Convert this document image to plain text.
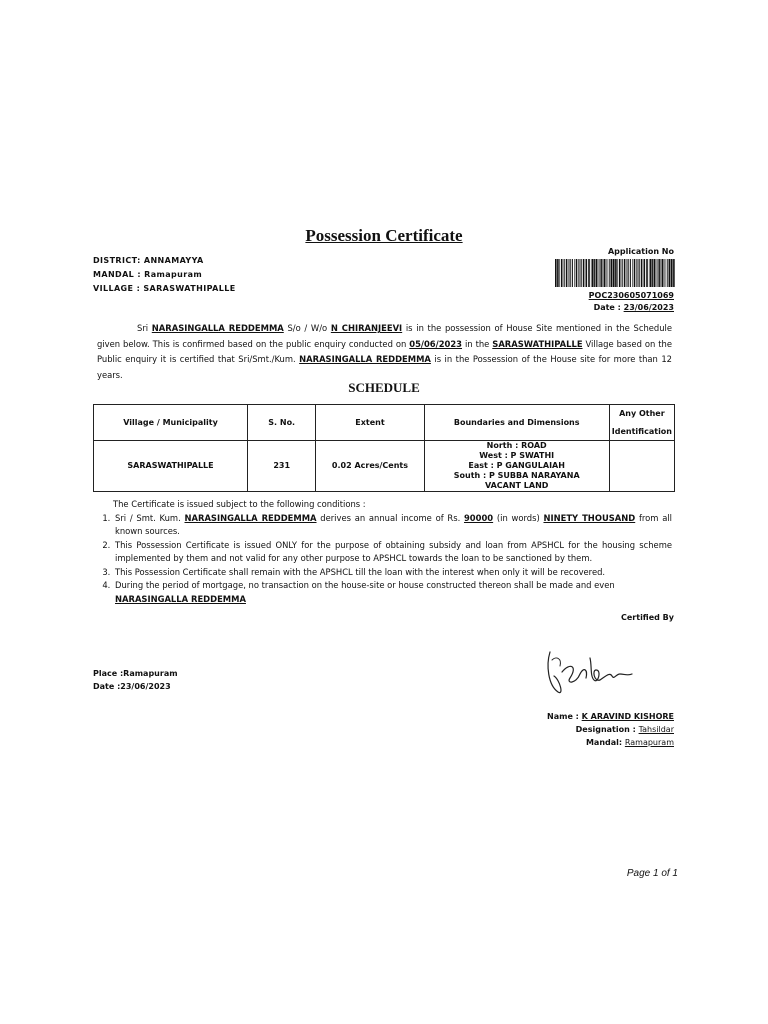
Possession Certificate
DISTRICT: ANNAMAYYA
MANDAL : Ramapuram
VILLAGE : SARASWATHIPALLE
Application No
POC230605071069
Date : 23/06/2023
Sri NARASINGALLA REDDEMMA S/o / W/o N CHIRANJEEVI is in the possession of House Site mentioned in the Schedule given below. This is confirmed based on the public enquiry conducted on 05/06/2023 in the SARASWATHIPALLE Village based on the Public enquiry it is certified that Sri/Smt./Kum. NARASINGALLA REDDEMMA is in the Possession of the House site for more than 12 years.
SCHEDULE
Village / Municipality	S. No.	Extent	Boundaries and Dimensions	Any Other
Identification

SARASWATHIPALLE	231	0.02 Acres/Cents	North : ROAD
West : P SWATHI
East : P GANGULAIAH
South : P SUBBA NARAYANA
VACANT LAND	

The Certificate is issued subject to the following conditions :
1. Sri / Smt. Kum. NARASINGALLA REDDEMMA derives an annual income of Rs. 90000 (in words) NINETY THOUSAND from all known sources.
2. This Possession Certificate is issued ONLY for the purpose of obtaining subsidy and loan from APSHCL for the housing scheme implemented by them and not valid for any other purpose to APSHCL towards the loan to be sanctioned by them.
3. This Possession Certificate shall remain with the APSHCL till the loan with the interest when only it will be recovered.
4. During the period of mortgage, no transaction on the house-site or house constructed thereon shall be made and even
NARASINGALLA REDDEMMA
Certified By
Place :Ramapuram
Date :23/06/2023
Name : K ARAVIND KISHORE
Designation : Tahsildar
Mandal: Ramapuram
Page 1 of 1
